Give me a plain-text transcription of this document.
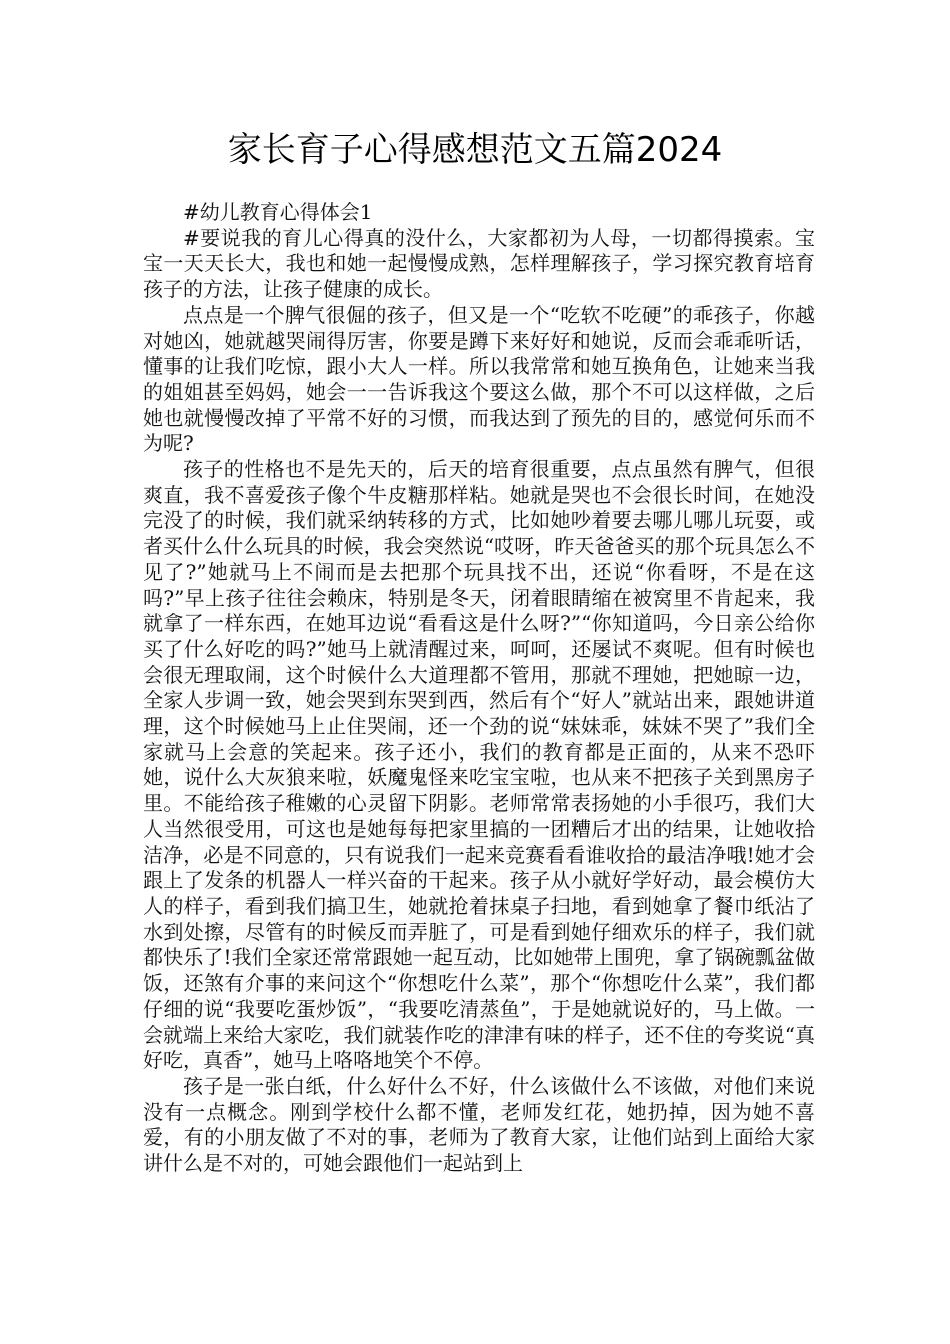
家长育子心得感想范文五篇2024

#幼儿教育心得体会1

#要说我的育儿心得真的没什么，大家都初为人母，一切都得摸索。宝宝一天天长大，我也和她一起慢慢成熟，怎样理解孩子，学习探究教育培育孩子的方法，让孩子健康的成长。

点点是一个脾气很倔的孩子，但又是一个“吃软不吃硬”的乖孩子，你越对她凶，她就越哭闹得厉害，你要是蹲下来好好和她说，反而会乖乖听话，懂事的让我们吃惊，跟小大人一样。所以我常常和她互换角色，让她来当我的姐姐甚至妈妈，她会一一告诉我这个要这么做，那个不可以这样做，之后她也就慢慢改掉了平常不好的习惯，而我达到了预先的目的，感觉何乐而不为呢?

孩子的性格也不是先天的，后天的培育很重要，点点虽然有脾气，但很爽直，我不喜爱孩子像个牛皮糖那样粘。她就是哭也不会很长时间，在她没完没了的时候，我们就采纳转移的方式，比如她吵着要去哪儿哪儿玩耍，或者买什么什么玩具的时候，我会突然说“哎呀，昨天爸爸买的那个玩具怎么不见了?”她就马上不闹而是去把那个玩具找不出，还说“你看呀，不是在这吗?”早上孩子往往会赖床，特别是冬天，闭着眼睛缩在被窝里不肯起来，我就拿了一样东西，在她耳边说“看看这是什么呀?”“你知道吗，今日亲公给你买了什么好吃的吗?”她马上就清醒过来，呵呵，还屡试不爽呢。但有时候也会很无理取闹，这个时候什么大道理都不管用，那就不理她，把她晾一边，全家人步调一致，她会哭到东哭到西，然后有个“好人”就站出来，跟她讲道理，这个时候她马上止住哭闹，还一个劲的说“妹妹乖，妹妹不哭了”我们全家就马上会意的笑起来。孩子还小，我们的教育都是正面的，从来不恐吓她，说什么大灰狼来啦，妖魔鬼怪来吃宝宝啦，也从来不把孩子关到黑房子里。不能给孩子稚嫩的心灵留下阴影。老师常常表扬她的小手很巧，我们大人当然很受用，可这也是她每每把家里搞的一团糟后才出的结果，让她收拾洁净，必是不同意的，只有说我们一起来竞赛看看谁收拾的最洁净哦!她才会跟上了发条的机器人一样兴奋的干起来。孩子从小就好学好动，最会模仿大人的样子，看到我们搞卫生，她就抢着抹桌子扫地，看到她拿了餐巾纸沾了水到处擦，尽管有的时候反而弄脏了，可是看到她仔细欢乐的样子，我们就都快乐了!我们全家还常常跟她一起互动，比如她带上围兜，拿了锅碗瓢盆做饭，还煞有介事的来问这个“你想吃什么菜”，那个“你想吃什么菜”，我们都仔细的说“我要吃蛋炒饭”，“我要吃清蒸鱼”，于是她就说好的，马上做。一会就端上来给大家吃，我们就装作吃的津津有味的样子，还不住的夸奖说“真好吃，真香”，她马上咯咯地笑个不停。

孩子是一张白纸，什么好什么不好，什么该做什么不该做，对他们来说没有一点概念。刚到学校什么都不懂，老师发红花，她扔掉，因为她不喜爱，有的小朋友做了不对的事，老师为了教育大家，让他们站到上面给大家讲什么是不对的，可她会跟他们一起站到上
